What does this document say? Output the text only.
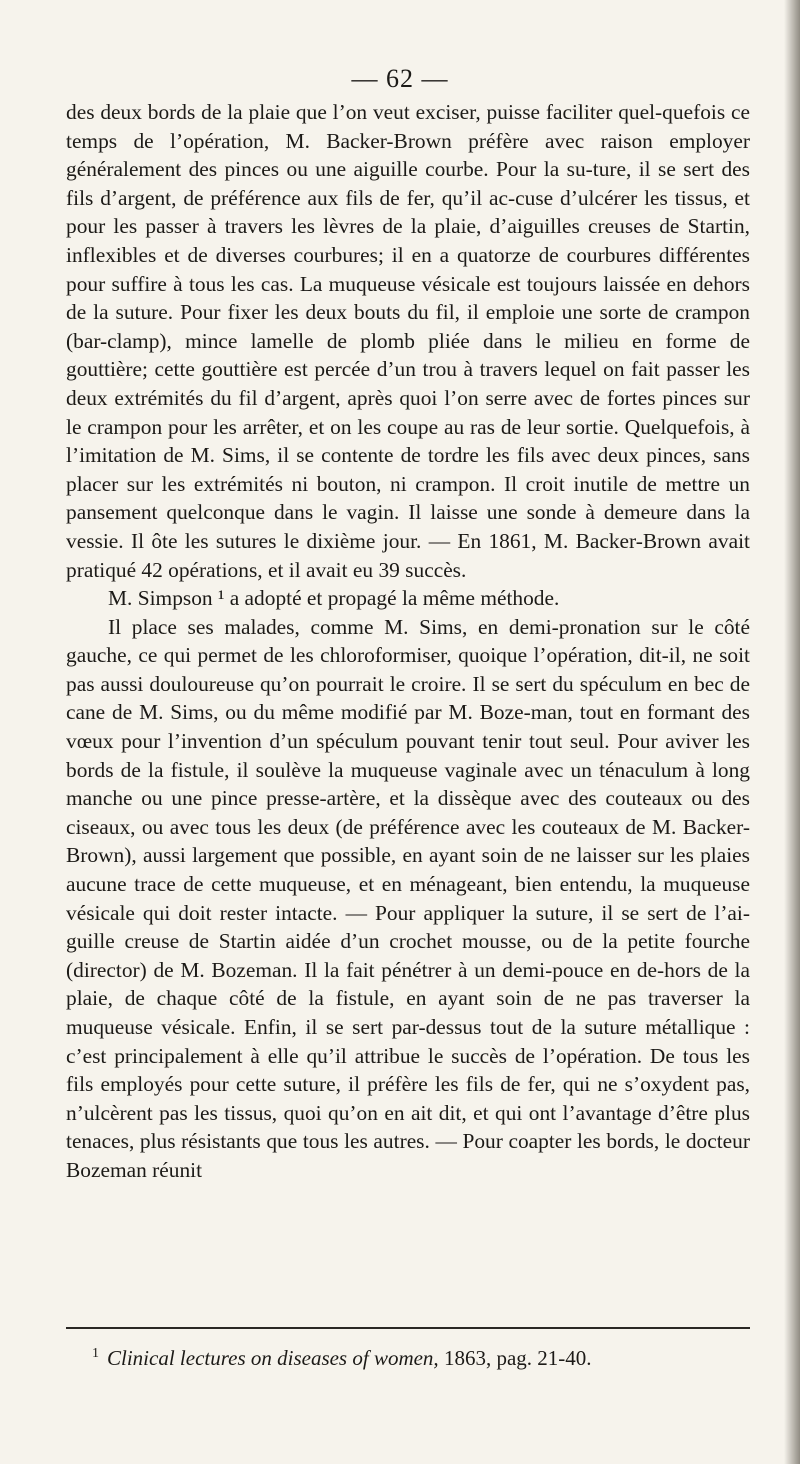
— 62 —

des deux bords de la plaie que l’on veut exciser, puisse faciliter quel-quefois ce temps de l’opération, M. Backer-Brown préfère avec raison employer généralement des pinces ou une aiguille courbe. Pour la su-ture, il se sert des fils d’argent, de préférence aux fils de fer, qu’il ac-cuse d’ulcérer les tissus, et pour les passer à travers les lèvres de la plaie, d’aiguilles creuses de Startin, inflexibles et de diverses courbures; il en a quatorze de courbures différentes pour suffire à tous les cas. La muqueuse vésicale est toujours laissée en dehors de la suture. Pour fixer les deux bouts du fil, il emploie une sorte de crampon (bar-clamp), mince lamelle de plomb pliée dans le milieu en forme de gouttière; cette gouttière est percée d’un trou à travers lequel on fait passer les deux extrémités du fil d’argent, après quoi l’on serre avec de fortes pinces sur le crampon pour les arrêter, et on les coupe au ras de leur sortie. Quelquefois, à l’imitation de M. Sims, il se contente de tordre les fils avec deux pinces, sans placer sur les extrémités ni bouton, ni crampon. Il croit inutile de mettre un pansement quelconque dans le vagin. Il laisse une sonde à demeure dans la vessie. Il ôte les sutures le dixième jour. — En 1861, M. Backer-Brown avait pratiqué 42 opérations, et il avait eu 39 succès.

M. Simpson ¹ a adopté et propagé la même méthode.

Il place ses malades, comme M. Sims, en demi-pronation sur le côté gauche, ce qui permet de les chloroformiser, quoique l’opération, dit-il, ne soit pas aussi douloureuse qu’on pourrait le croire. Il se sert du spéculum en bec de cane de M. Sims, ou du même modifié par M. Boze-man, tout en formant des vœux pour l’invention d’un spéculum pouvant tenir tout seul. Pour aviver les bords de la fistule, il soulève la muqueuse vaginale avec un ténaculum à long manche ou une pince presse-artère, et la dissèque avec des couteaux ou des ciseaux, ou avec tous les deux (de préférence avec les couteaux de M. Backer-Brown), aussi largement que possible, en ayant soin de ne laisser sur les plaies aucune trace de cette muqueuse, et en ménageant, bien entendu, la muqueuse vésicale qui doit rester intacte. — Pour appliquer la suture, il se sert de l’ai-guille creuse de Startin aidée d’un crochet mousse, ou de la petite fourche (director) de M. Bozeman. Il la fait pénétrer à un demi-pouce en de-hors de la plaie, de chaque côté de la fistule, en ayant soin de ne pas traverser la muqueuse vésicale. Enfin, il se sert par-dessus tout de la suture métallique : c’est principalement à elle qu’il attribue le succès de l’opération. De tous les fils employés pour cette suture, il préfère les fils de fer, qui ne s’oxydent pas, n’ulcèrent pas les tissus, quoi qu’on en ait dit, et qui ont l’avantage d’être plus tenaces, plus résistants que tous les autres. — Pour coapter les bords, le docteur Bozeman réunit

$^1$ Clinical lectures on diseases of women, 1863, pag. 21-40.
